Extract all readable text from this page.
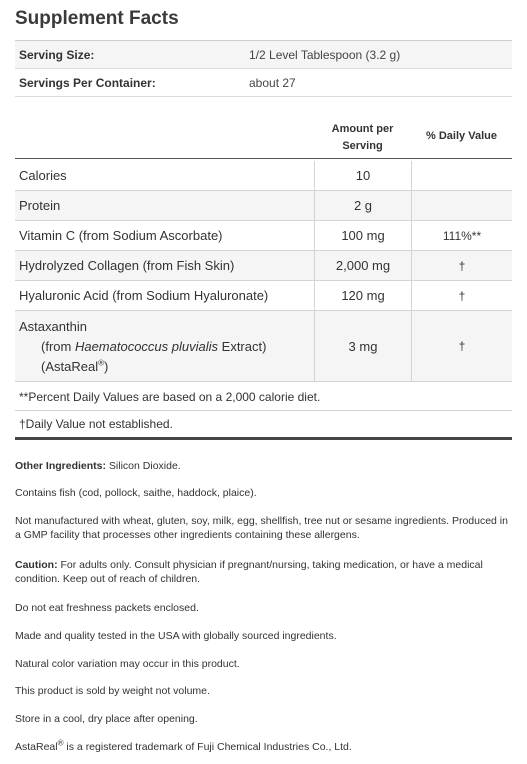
Supplement Facts
Serving Size:	1/2 Level Tablespoon (3.2 g)
Servings Per Container:	about 27
Amount per
Serving
% Daily Value
Calories	10
Protein	2 g
Vitamin C (from Sodium Ascorbate)	100 mg	111%**
Hydrolyzed Collagen (from Fish Skin)	2,000 mg	†
Hyaluronic Acid (from Sodium Hyaluronate)	120 mg	†
Astaxanthin
(from Haematococcus pluvialis Extract)
(AstaReal®)
3 mg	†
**Percent Daily Values are based on a 2,000 calorie diet.
†Daily Value not established.
Other Ingredients: Silicon Dioxide.
Contains fish (cod, pollock, saithe, haddock, plaice).
Not manufactured with wheat, gluten, soy, milk, egg, shellfish, tree nut or sesame ingredients. Produced in a GMP facility that processes other ingredients containing these allergens.
Caution: For adults only. Consult physician if pregnant/nursing, taking medication, or have a medical condition. Keep out of reach of children.
Do not eat freshness packets enclosed.
Made and quality tested in the USA with globally sourced ingredients.
Natural color variation may occur in this product.
This product is sold by weight not volume.
Store in a cool, dry place after opening.
AstaReal® is a registered trademark of Fuji Chemical Industries Co., Ltd.
